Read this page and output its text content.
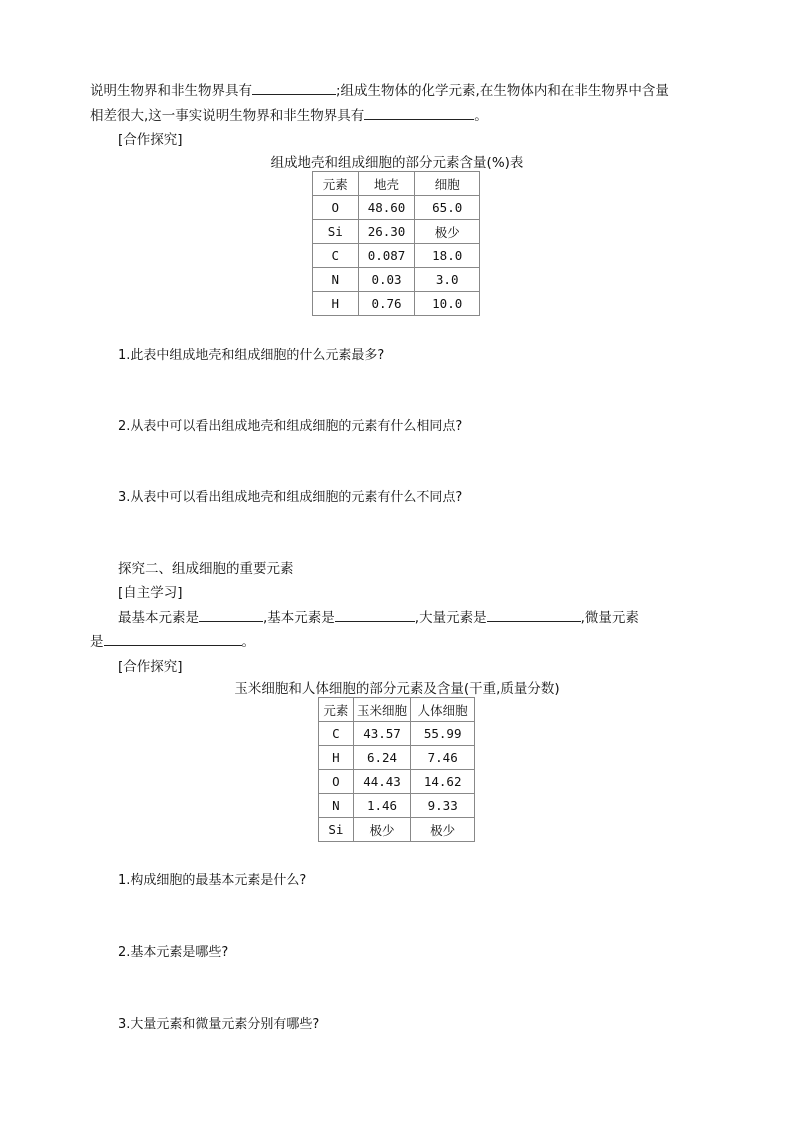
说明生物界和非生物界具有	;组成生物体的化学元素,在生物体内和在非生物界中含量
相差很大,这一事实说明生物界和非生物界具有	。
[合作探究]
组成地壳和组成细胞的部分元素含量(%)表
元素	地壳	细胞
O	48.60	65.0
Si	26.30	极少
C	0.087	18.0
N	0.03	3.0
H	0.76	10.0
1.此表中组成地壳和组成细胞的什么元素最多?
2.从表中可以看出组成地壳和组成细胞的元素有什么相同点?
3.从表中可以看出组成地壳和组成细胞的元素有什么不同点?
探究二、组成细胞的重要元素
[自主学习]
最基本元素是	,基本元素是	,大量元素是	,微量元素
是	。
[合作探究]
玉米细胞和人体细胞的部分元素及含量(干重,质量分数)
元素	玉米细胞	人体细胞
C	43.57	55.99
H	6.24	7.46
O	44.43	14.62
N	1.46	9.33
Si	极少	极少
1.构成细胞的最基本元素是什么?
2.基本元素是哪些?
3.大量元素和微量元素分别有哪些?
